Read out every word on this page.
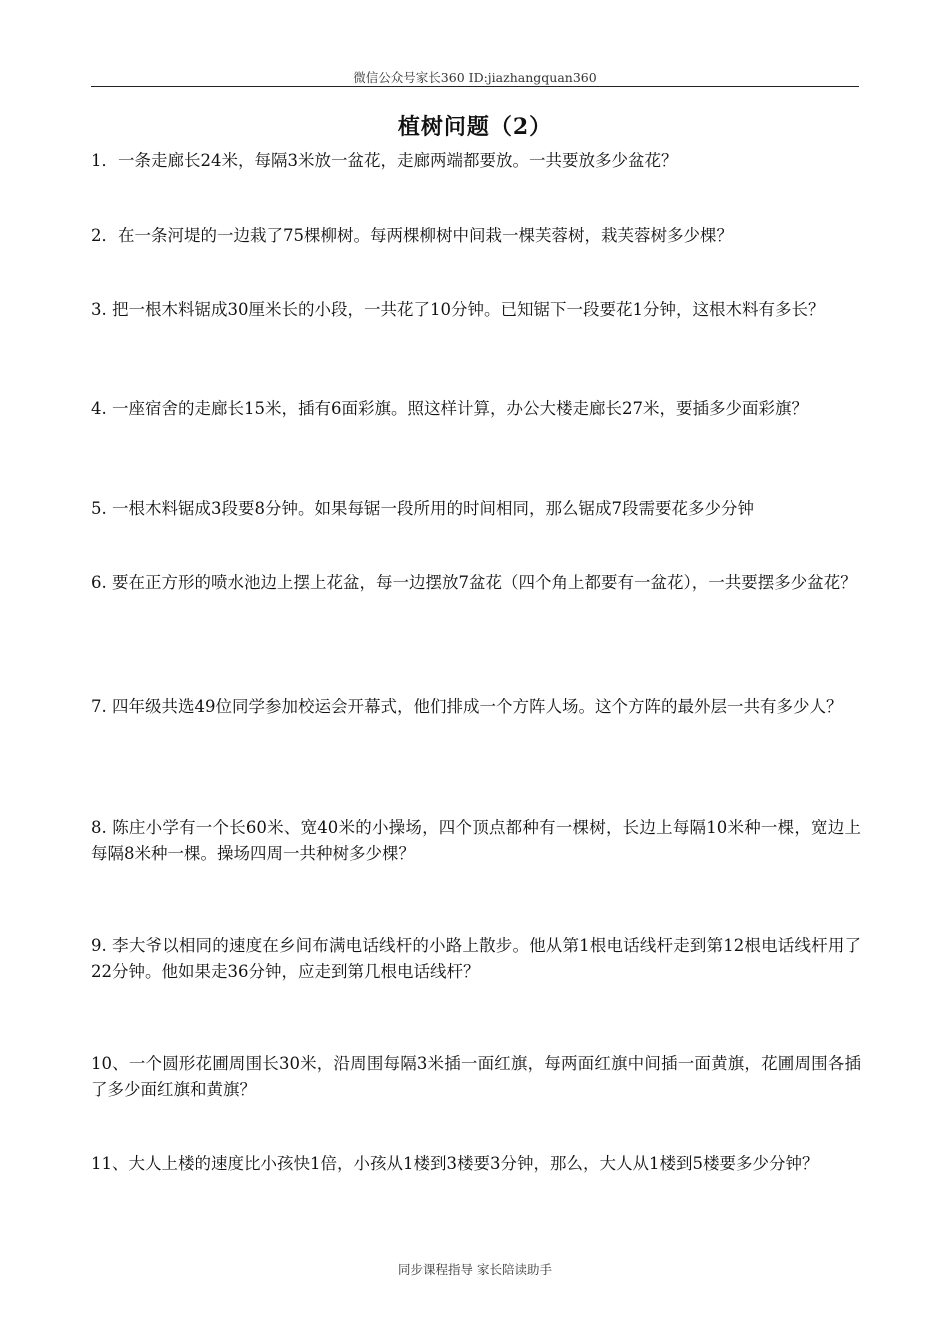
微信公众号家长360 ID:jiazhangquan360
植树问题（2）
1．一条走廊长24米，每隔3米放一盆花，走廊两端都要放。一共要放多少盆花？
2．在一条河堤的一边栽了75棵柳树。每两棵柳树中间栽一棵芙蓉树，栽芙蓉树多少棵？
3. 把一根木料锯成30厘米长的小段，一共花了10分钟。已知锯下一段要花1分钟，这根木料有多长？
4. 一座宿舍的走廊长15米，插有6面彩旗。照这样计算，办公大楼走廊长27米，要插多少面彩旗？
5. 一根木料锯成3段要8分钟。如果每锯一段所用的时间相同，那么锯成7段需要花多少分钟
6. 要在正方形的喷水池边上摆上花盆，每一边摆放7盆花（四个角上都要有一盆花），一共要摆多少盆花？
7. 四年级共选49位同学参加校运会开幕式，他们排成一个方阵人场。这个方阵的最外层一共有多少人？
8. 陈庄小学有一个长60米、宽40米的小操场，四个顶点都种有一棵树，长边上每隔10米种一棵，宽边上每隔8米种一棵。操场四周一共种树多少棵？
9. 李大爷以相同的速度在乡间布满电话线杆的小路上散步。他从第1根电话线杆走到第12根电话线杆用了22分钟。他如果走36分钟，应走到第几根电话线杆？
10、一个圆形花圃周围长30米，沿周围每隔3米插一面红旗，每两面红旗中间插一面黄旗，花圃周围各插了多少面红旗和黄旗？
11、大人上楼的速度比小孩快1倍，小孩从1楼到3楼要3分钟，那么，大人从1楼到5楼要多少分钟？
同步课程指导 家长陪读助手
